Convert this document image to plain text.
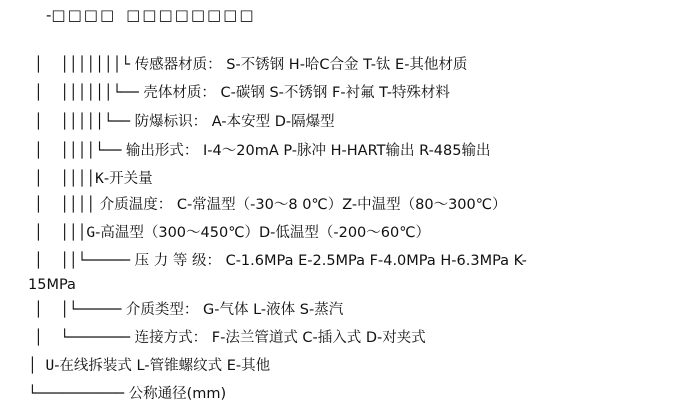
-□□□□ □□□□□□□□
│  │││││││└ 传感器材质： S-不锈钢 H-哈C合金 T-钛 E-其他材质
│  ││││││└── 壳体材质： C-碳钢 S-不锈钢 F-衬氟 T-特殊材料
│  │││││└── 防爆标识： A-本安型 D-隔爆型
│  ││││└── 输出形式： I-4～20mA P-脉冲 H-HART输出 R-485输出
│  ││││K-开关量
│  ││││ 介质温度： C-常温型（-30～8 0℃）Z-中温型（80～300℃）
│  │││G-高温型（300～450℃）D-低温型（-200～60℃）
│  ││└───── 压 力 等 级： C-1.6MPa E-2.5MPa F-4.0MPa H-6.3MPa K-
15MPa
│  │└───── 介质类型： G-气体 L-液体 S-蒸汽
│  └─────── 连接方式： F-法兰管道式 C-插入式 D-对夹式
│ U-在线拆装式 L-管锥螺纹式 E-其他
└────────── 公称通径(mm)
